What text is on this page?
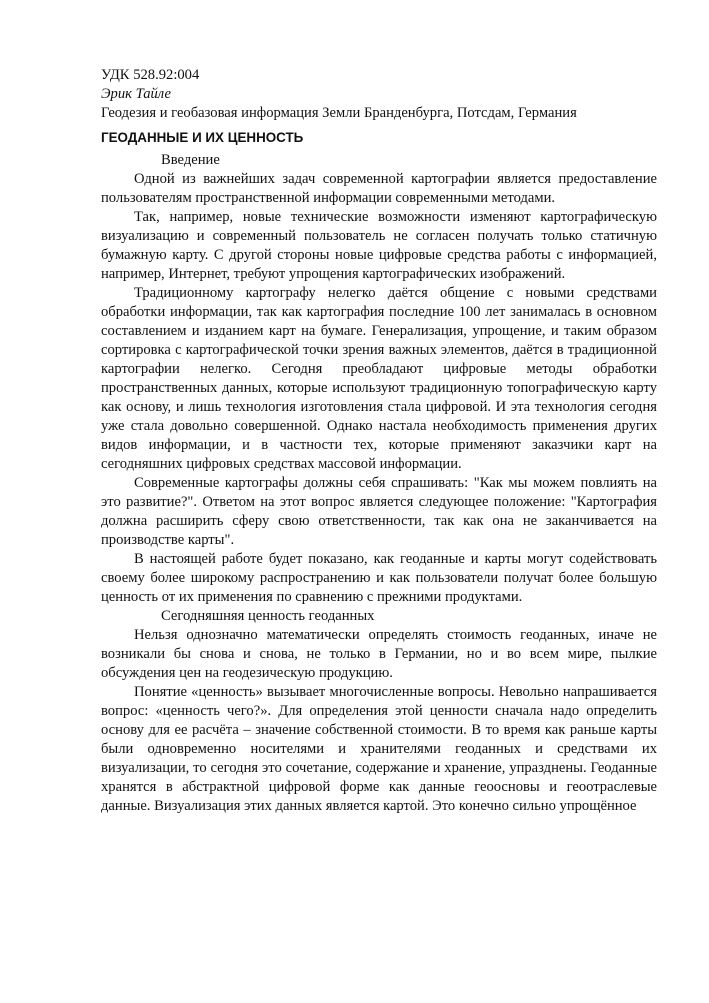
УДК 528.92:004
Эрик Тайле
Геодезия и геобазовая информация Земли Бранденбурга, Потсдам, Германия
ГЕОДАННЫЕ И ИХ ЦЕННОСТЬ
Введение

Одной из важнейших задач современной картографии является предоставление пользователям пространственной информации современными методами.

Так, например, новые технические возможности изменяют картографическую визуализацию и современный пользователь не согласен получать только статичную бумажную карту. С другой стороны новые цифровые средства работы с информацией, например, Интернет, требуют упрощения картографических изображений.

Традиционному картографу нелегко даётся общение с новыми средствами обработки информации, так как картография последние 100 лет занималась в основном составлением и изданием карт на бумаге. Генерализация, упрощение, и таким образом сортировка с картографической точки зрения важных элементов, даётся в традиционной картографии нелегко. Сегодня преобладают цифровые методы обработки пространственных данных, которые используют традиционную топографическую карту как основу, и лишь технология изготовления стала цифровой. И эта технология сегодня уже стала довольно совершенной. Однако настала необходимость применения других видов информации, и в частности тех, которые применяют заказчики карт на сегодняшних цифровых средствах массовой информации.

Современные картографы должны себя спрашивать: "Как мы можем повлиять на это развитие?". Ответом на этот вопрос является следующее положение: "Картография должна расширить сферу свою ответственности, так как она не заканчивается на производстве карты".

В настоящей работе будет показано, как геоданные и карты могут содействовать своему более широкому распространению и как пользователи получат более большую ценность от их применения по сравнению с прежними продуктами.

Сегодняшняя ценность геоданных

Нельзя однозначно математически определять стоимость геоданных, иначе не возникали бы снова и снова, не только в Германии, но и во всем мире, пылкие обсуждения цен на геодезическую продукцию.

Понятие «ценность» вызывает многочисленные вопросы. Невольно напрашивается вопрос: «ценность чего?». Для определения этой ценности сначала надо определить основу для ее расчёта – значение собственной стоимости. В то время как раньше карты были одновременно носителями и хранителями геоданных и средствами их визуализации, то сегодня это сочетание, содержание и хранение, упразднены. Геоданные хранятся в абстрактной цифровой форме как данные геоосновы и геоотраслевые данные. Визуализация этих данных является картой. Это конечно сильно упрощённое
